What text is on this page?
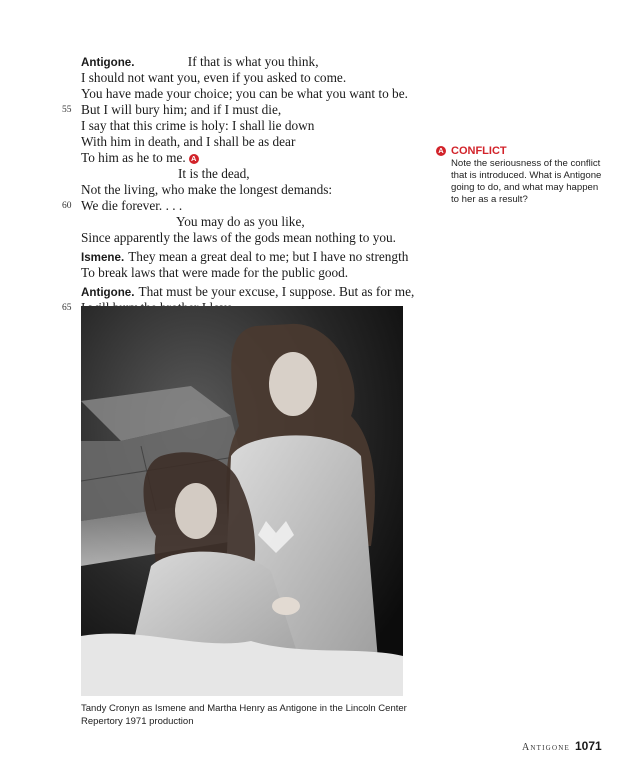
Antigone.	If that is what you think,
I should not want you, even if you asked to come.
You have made your choice; you can be what you want to be.
55 But I will bury him; and if I must die,
I say that this crime is holy: I shall lie down
With him in death, and I shall be as dear
To him as he to me. A
It is the dead,
Not the living, who make the longest demands:
60 We die forever. . . .
You may do as you like,
Since apparently the laws of the gods mean nothing to you.
Ismene. They mean a great deal to me; but I have no strength
To break laws that were made for the public good.
Antigone. That must be your excuse, I suppose. But as for me,
65
A CONFLICT
Note the seriousness of the conflict
that is introduced. What is Antigone
going to do, and what may happen
to her as a result?
Tandy Cronyn as Ismene and Martha Henry as Antigone in the Lincoln Center
Repertory 1971 production
Antigone 1071
